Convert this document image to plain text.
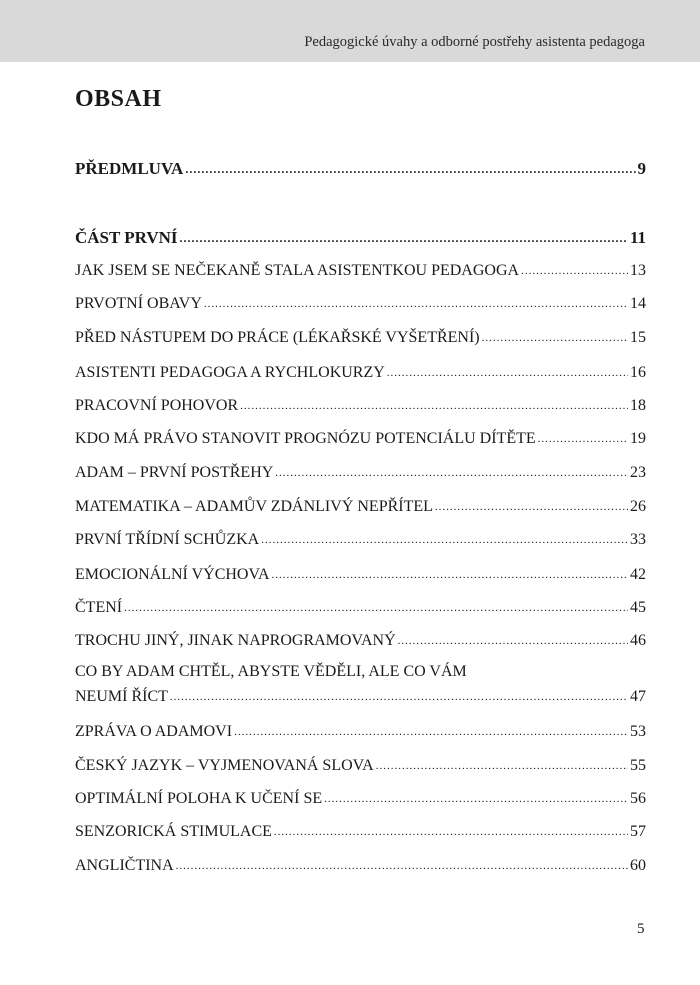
Pedagogické úvahy a odborné postřehy asistenta pedagoga
OBSAH
PŘEDMLUVA .....	9
ČÁST PRVNÍ .....	11
JAK JSEM SE NEČEKANĚ STALA ASISTENTKOU PEDAGOGA .....	13
PRVOTNÍ OBAVY .....	14
PŘED NÁSTUPEM DO PRÁCE (LÉKAŘSKÉ VYŠETŘENÍ) .....	15
ASISTENTI PEDAGOGA A RYCHLOKURZY .....	16
PRACOVNÍ POHOVOR .....	18
KDO MÁ PRÁVO STANOVIT PROGNÓZU POTENCIÁLU DÍTĚTE .....	19
ADAM – PRVNÍ POSTŘEHY .....	23
MATEMATIKA – ADAMŮV ZDÁNLIVÝ NEPŘÍTEL .....	26
PRVNÍ TŘÍDNÍ SCHŮZKA .....	33
EMOCIONÁLNÍ VÝCHOVA .....	42
ČTENÍ .....	45
TROCHU JINÝ, JINAK NAPROGRAMOVANÝ .....	46
CO BY ADAM CHTĚL, ABYSTE VĚDĚLI, ALE CO VÁM
NEUMÍ ŘÍCT .....	47
ZPRÁVA O ADAMOVI .....	53
ČESKÝ JAZYK – VYJMENOVANÁ SLOVA .....	55
OPTIMÁLNÍ POLOHA K UČENÍ SE .....	56
SENZORICKÁ STIMULACE .....	57
ANGLIČTINA .....	60
5
